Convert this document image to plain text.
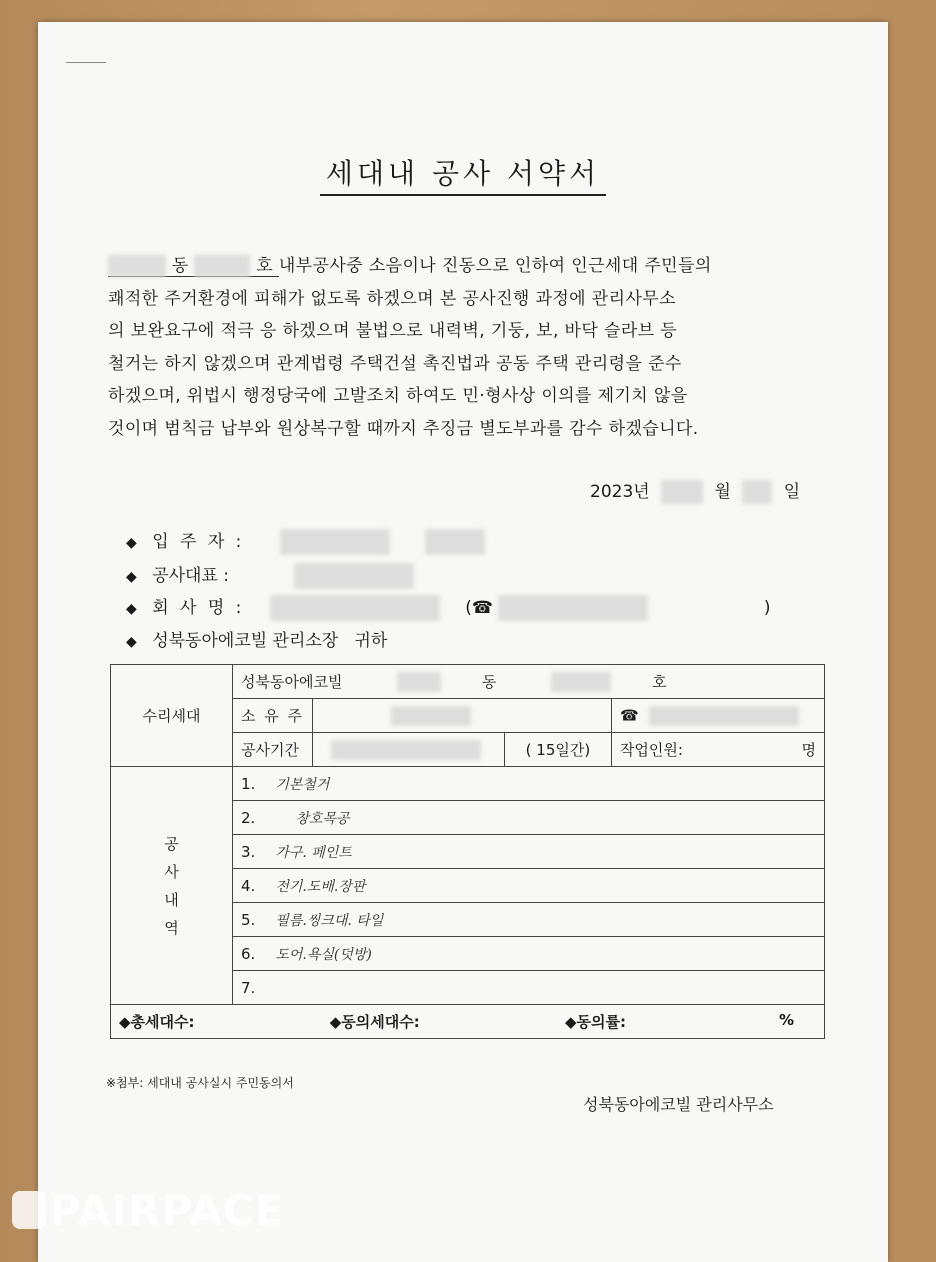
세대내 공사 서약서

동	호 내부공사중 소음이나 진동으로 인하여 인근세대 주민들의

쾌적한 주거환경에 피해가 없도록 하겠으며 본 공사진행 과정에 관리사무소

의 보완요구에 적극 응 하겠으며 불법으로 내력벽, 기둥, 보, 바닥 슬라브 등

철거는 하지 않겠으며 관계법령 주택건설 촉진법과 공동 주택 관리령을 준수

하겠으며, 위법시 행정당국에 고발조치 하여도 민·형사상 이의를 제기치 않을

것이며 범칙금 납부와 원상복구할 때까지 추징금 별도부과를 감수 하겠습니다.

2023년	월	일
◆ 입 주 자 :
◆ 공사대표 :
◆ 회 사 명 :	(☎	)
◆ 성북동아에코빌 관리소장   귀하
수리세대	성북동아에코빌 동 호			
	소 유 주			☎
	공사기간		( 15일간)	작업인원: 명

공
사
내
역	1. 기본철거			
	2. 창호목공			
	3. 가구. 페인트			
	4. 전기.도배.장판			
	5. 필름.씽크대. 타일			
	6. 도어.욕실(덧방)			
	7.			
◆총세대수: ◆동의세대수: ◆동의률: %				
※첨부: 세대내 공사실시 주민동의서
성북동아에코빌 관리사무소
PAIRPACE
